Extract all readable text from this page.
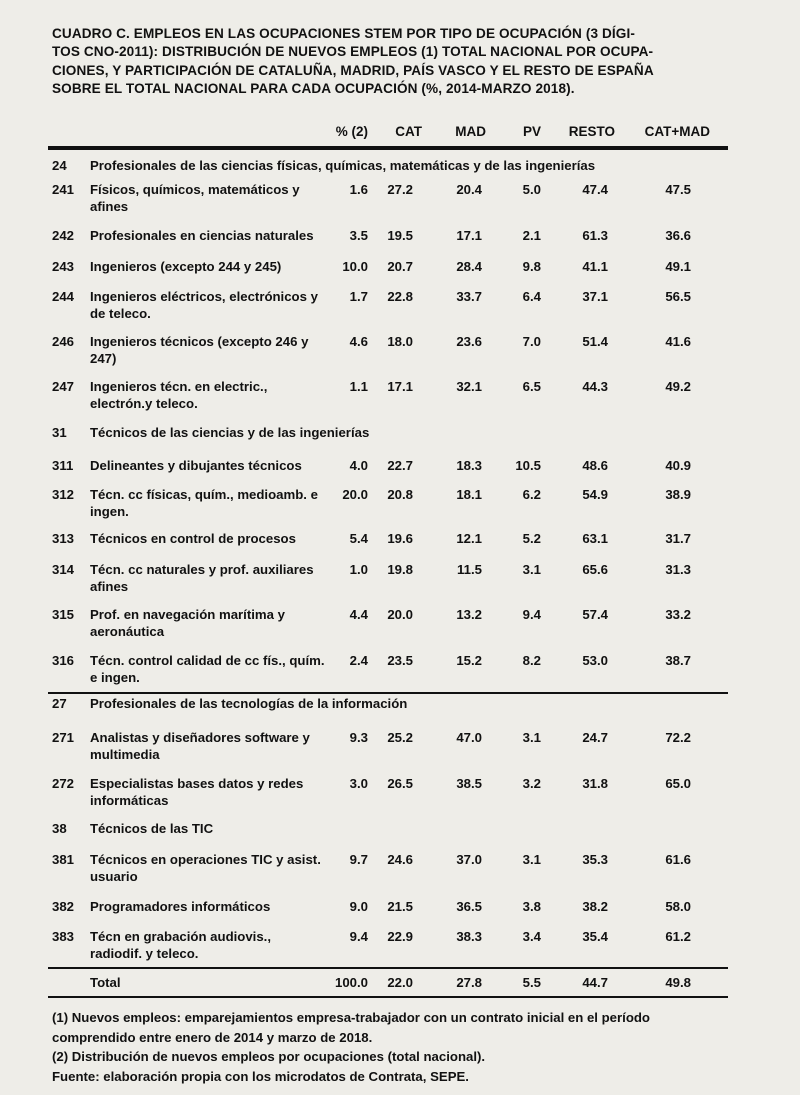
CUADRO C. EMPLEOS EN LAS OCUPACIONES STEM POR TIPO DE OCUPACIÓN (3 DÍGI-
TOS CNO-2011): DISTRIBUCIÓN DE NUEVOS EMPLEOS (1) TOTAL NACIONAL POR OCUPA-
CIONES, Y PARTICIPACIÓN DE CATALUÑA, MADRID, PAÍS VASCO Y EL RESTO DE ESPAÑA
SOBRE EL TOTAL NACIONAL PARA CADA OCUPACIÓN (%, 2014-MARZO 2018).
% (2) CAT MAD	PV RESTO CAT+MAD
24 Profesionales de las ciencias físicas, químicas, matemáticas y de las ingenierías
241 Físicos, químicos, matemáticos y afines
1.6 27.2	20.4	5.0	47.4	47.5
242 Profesionales en ciencias naturales	3.5 19.5	17.1	2.1	61.3	36.6
243 Ingenieros (excepto 244 y 245)	10.0 20.7	28.4	9.8	41.1	49.1
244 Ingenieros eléctricos, electrónicos y de teleco.
1.7 22.8	33.7	6.4	37.1	56.5
246 Ingenieros técnicos (excepto 246 y 247)
4.6 18.0	23.6	7.0	51.4	41.6
247 Ingenieros técn. en electric., electrón.y teleco.
1.1 17.1	32.1	6.5	44.3	49.2
31 Técnicos de las ciencias y de las ingenierías
311 Delineantes y dibujantes técnicos	4.0 22.7	18.3	10.5	48.6	40.9
312 Técn. cc físicas, quím., medioamb. e ingen.
20.0 20.8	18.1	6.2	54.9	38.9
313 Técnicos en control de procesos	5.4 19.6	12.1	5.2	63.1	31.7
314 Técn. cc naturales y prof. auxiliares afines
1.0 19.8	11.5	3.1	65.6	31.3
315 Prof. en navegación marítima y aeronáutica
4.4 20.0	13.2	9.4	57.4	33.2
316 Técn. control calidad de cc fís., quím. e ingen.
2.4 23.5	15.2	8.2	53.0	38.7
27 Profesionales de las tecnologías de la información
271 Analistas y diseñadores software y multimedia
9.3 25.2	47.0	3.1	24.7	72.2
272 Especialistas bases datos y redes informáticas
3.0 26.5	38.5	3.2	31.8	65.0
38 Técnicos de las TIC
381 Técnicos en operaciones TIC y asist. usuario
9.7 24.6	37.0	3.1	35.3	61.6
382 Programadores informáticos	9.0 21.5	36.5	3.8	38.2	58.0
383 Técn en grabación audiovis., radiodif. y teleco.
9.4 22.9	38.3	3.4	35.4	61.2
Total	100.0 22.0	27.8	5.5	44.7	49.8
(1) Nuevos empleos: emparejamientos empresa-trabajador con un contrato inicial en el período
comprendido entre enero de 2014 y marzo de 2018.
(2) Distribución de nuevos empleos por ocupaciones (total nacional).
Fuente: elaboración propia con los microdatos de Contrata, SEPE.
